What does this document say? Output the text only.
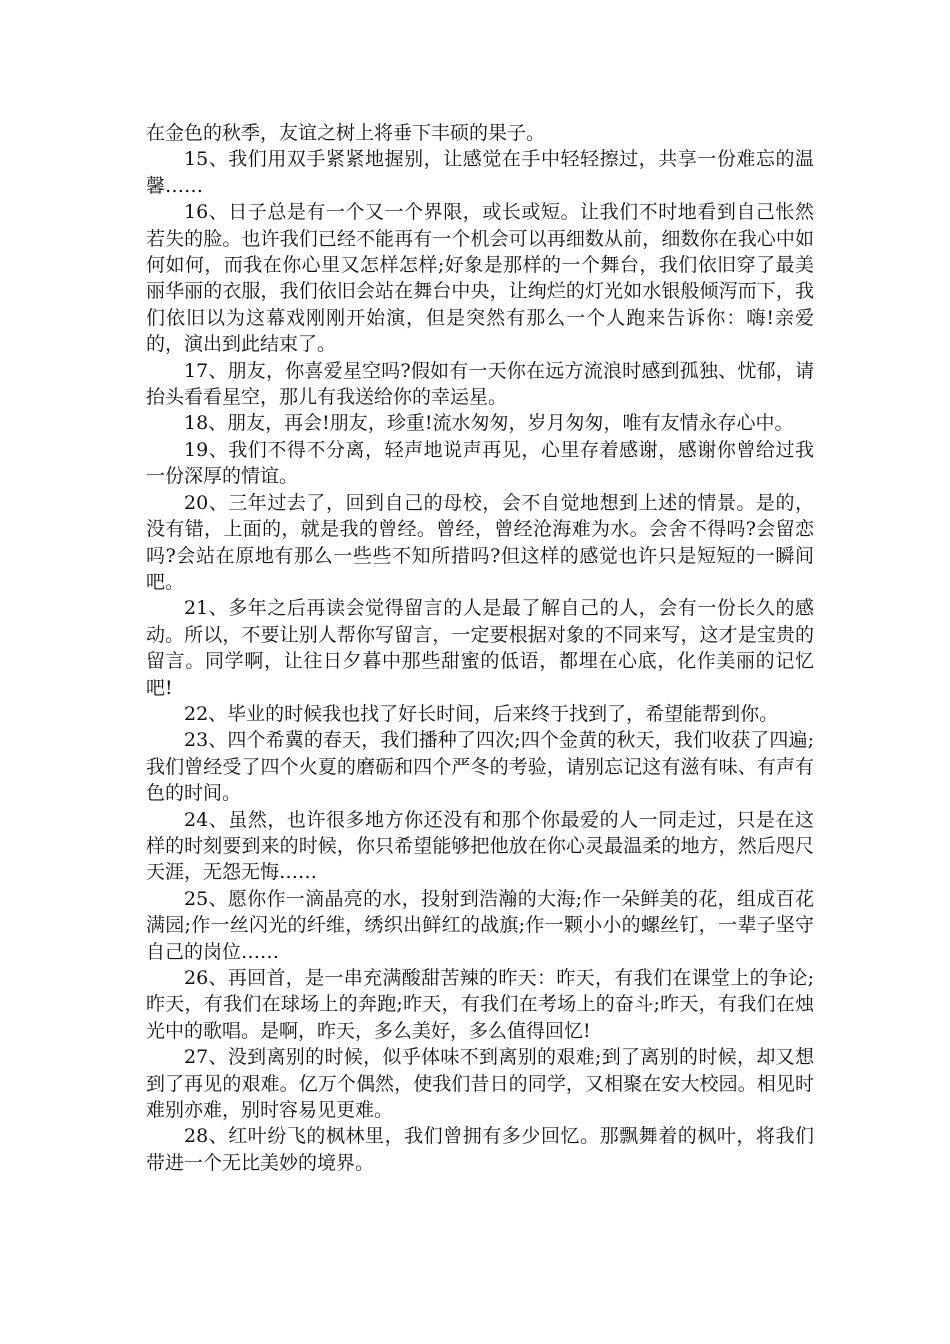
在金色的秋季，友谊之树上将垂下丰硕的果子。

15、我们用双手紧紧地握别，让感觉在手中轻轻擦过，共享一份难忘的温馨……

16、日子总是有一个又一个界限，或长或短。让我们不时地看到自己怅然若失的脸。也许我们已经不能再有一个机会可以再细数从前，细数你在我心中如何如何，而我在你心里又怎样怎样;好象是那样的一个舞台，我们依旧穿了最美丽华丽的衣服，我们依旧会站在舞台中央，让绚烂的灯光如水银般倾泻而下，我们依旧以为这幕戏刚刚开始演，但是突然有那么一个人跑来告诉你：嗨!亲爱的，演出到此结束了。

17、朋友，你喜爱星空吗?假如有一天你在远方流浪时感到孤独、忧郁，请抬头看看星空，那儿有我送给你的幸运星。

18、朋友，再会!朋友，珍重!流水匆匆，岁月匆匆，唯有友情永存心中。

19、我们不得不分离，轻声地说声再见，心里存着感谢，感谢你曾给过我一份深厚的情谊。

20、三年过去了，回到自己的母校，会不自觉地想到上述的情景。是的，没有错，上面的，就是我的曾经。曾经，曾经沧海难为水。会舍不得吗?会留恋吗?会站在原地有那么一些些不知所措吗?但这样的感觉也许只是短短的一瞬间吧。

21、多年之后再读会觉得留言的人是最了解自己的人，会有一份长久的感动。所以，不要让别人帮你写留言，一定要根据对象的不同来写，这才是宝贵的留言。同学啊，让往日夕暮中那些甜蜜的低语，都埋在心底，化作美丽的记忆吧!

22、毕业的时候我也找了好长时间，后来终于找到了，希望能帮到你。

23、四个希冀的春天，我们播种了四次;四个金黄的秋天，我们收获了四遍;我们曾经受了四个火夏的磨砺和四个严冬的考验，请别忘记这有滋有味、有声有色的时间。

24、虽然，也许很多地方你还没有和那个你最爱的人一同走过，只是在这样的时刻要到来的时候，你只希望能够把他放在你心灵最温柔的地方，然后咫尺天涯，无怨无悔……

25、愿你作一滴晶亮的水，投射到浩瀚的大海;作一朵鲜美的花，组成百花满园;作一丝闪光的纤维，绣织出鲜红的战旗;作一颗小小的螺丝钉，一辈子坚守自己的岗位……

26、再回首，是一串充满酸甜苦辣的昨天：昨天，有我们在课堂上的争论;昨天，有我们在球场上的奔跑;昨天，有我们在考场上的奋斗;昨天，有我们在烛光中的歌唱。是啊，昨天，多么美好，多么值得回忆!

27、没到离别的时候，似乎体味不到离别的艰难;到了离别的时候，却又想到了再见的艰难。亿万个偶然，使我们昔日的同学，又相聚在安大校园。相见时难别亦难，别时容易见更难。

28、红叶纷飞的枫林里，我们曾拥有多少回忆。那飘舞着的枫叶，将我们带进一个无比美妙的境界。
